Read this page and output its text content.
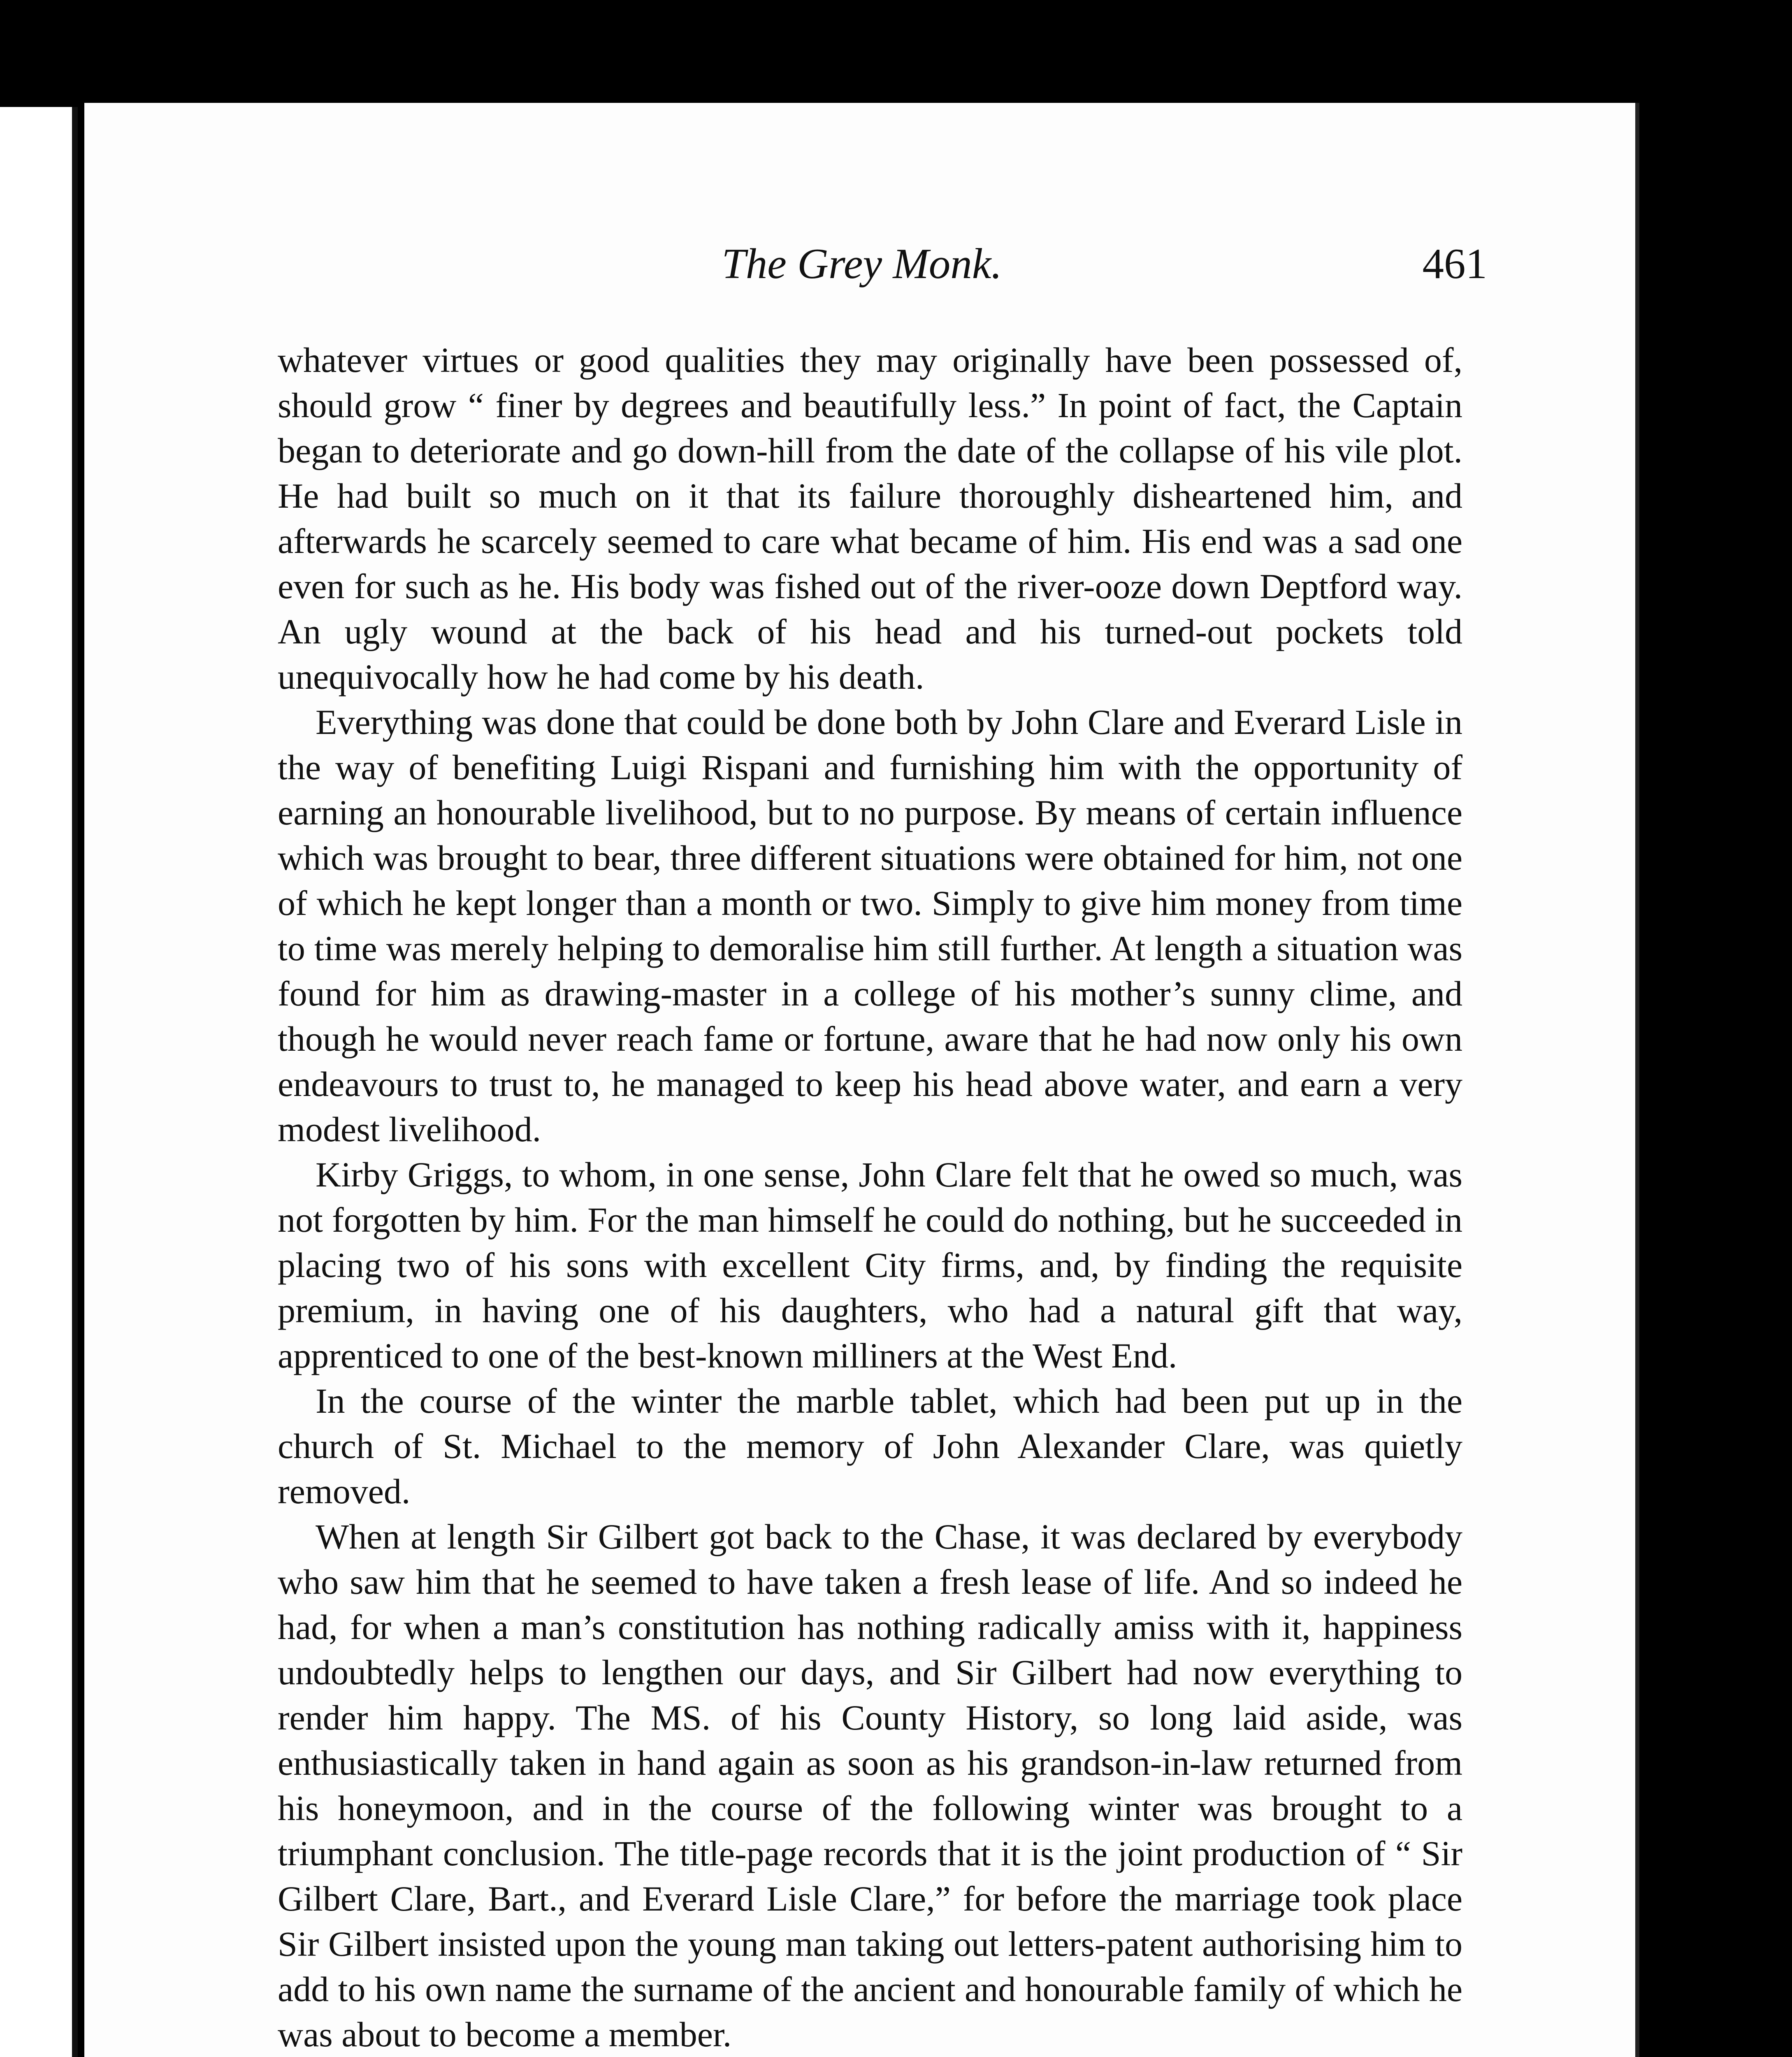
The Grey Monk.	461

whatever virtues or good qualities they may originally have been possessed of, should grow “ finer by degrees and beautifully less.” In point of fact, the Captain began to deteriorate and go down-hill from the date of the collapse of his vile plot. He had built so much on it that its failure thoroughly disheartened him, and afterwards he scarcely seemed to care what became of him. His end was a sad one even for such as he. His body was fished out of the river-ooze down Deptford way. An ugly wound at the back of his head and his turned-out pockets told unequivocally how he had come by his death.

Everything was done that could be done both by John Clare and Everard Lisle in the way of benefiting Luigi Rispani and furnishing him with the opportunity of earning an honourable livelihood, but to no purpose. By means of certain influence which was brought to bear, three different situations were obtained for him, not one of which he kept longer than a month or two. Simply to give him money from time to time was merely helping to demoralise him still further. At length a situation was found for him as drawing-master in a college of his mother’s sunny clime, and though he would never reach fame or fortune, aware that he had now only his own endeavours to trust to, he managed to keep his head above water, and earn a very modest livelihood.

Kirby Griggs, to whom, in one sense, John Clare felt that he owed so much, was not forgotten by him. For the man himself he could do nothing, but he succeeded in placing two of his sons with excellent City firms, and, by finding the requisite premium, in having one of his daughters, who had a natural gift that way, apprenticed to one of the best-known milliners at the West End.

In the course of the winter the marble tablet, which had been put up in the church of St. Michael to the memory of John Alexander Clare, was quietly removed.

When at length Sir Gilbert got back to the Chase, it was declared by everybody who saw him that he seemed to have taken a fresh lease of life. And so indeed he had, for when a man’s constitution has nothing radically amiss with it, happiness undoubtedly helps to lengthen our days, and Sir Gilbert had now everything to render him happy. The MS. of his County History, so long laid aside, was enthusiastically taken in hand again as soon as his grandson-in-law returned from his honeymoon, and in the course of the following winter was brought to a triumphant conclusion. The title-page records that it is the joint production of “ Sir Gilbert Clare, Bart., and Everard Lisle Clare,” for before the marriage took place Sir Gilbert insisted upon the young man taking out letters-patent authorising him to add to his own name the surname of the ancient and honourable family of which he was about to become a member.
